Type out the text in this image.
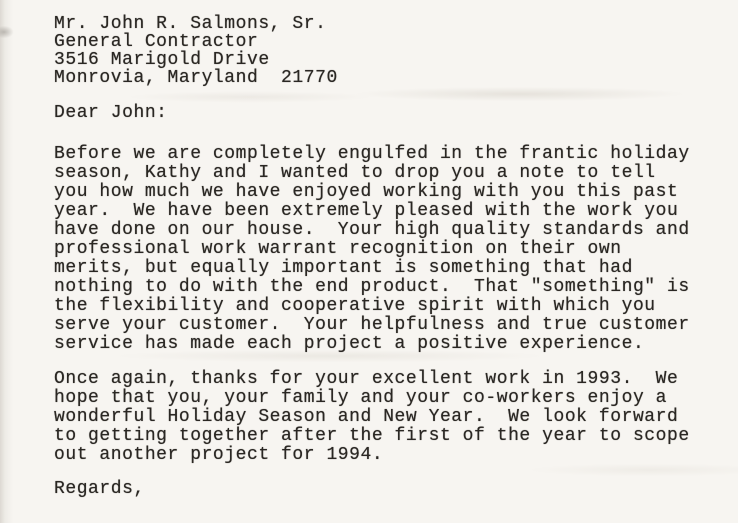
Mr. John R. Salmons, Sr.
General Contractor
3516 Marigold Drive
Monrovia, Maryland  21770
Dear John:
Before we are completely engulfed in the frantic holiday
season, Kathy and I wanted to drop you a note to tell
you how much we have enjoyed working with you this past
year.  We have been extremely pleased with the work you
have done on our house.  Your high quality standards and
professional work warrant recognition on their own
merits, but equally important is something that had
nothing to do with the end product.  That "something" is
the flexibility and cooperative spirit with which you
serve your customer.  Your helpfulness and true customer
service has made each project a positive experience.
Once again, thanks for your excellent work in 1993.  We
hope that you, your family and your co-workers enjoy a
wonderful Holiday Season and New Year.  We look forward
to getting together after the first of the year to scope
out another project for 1994.
Regards,
